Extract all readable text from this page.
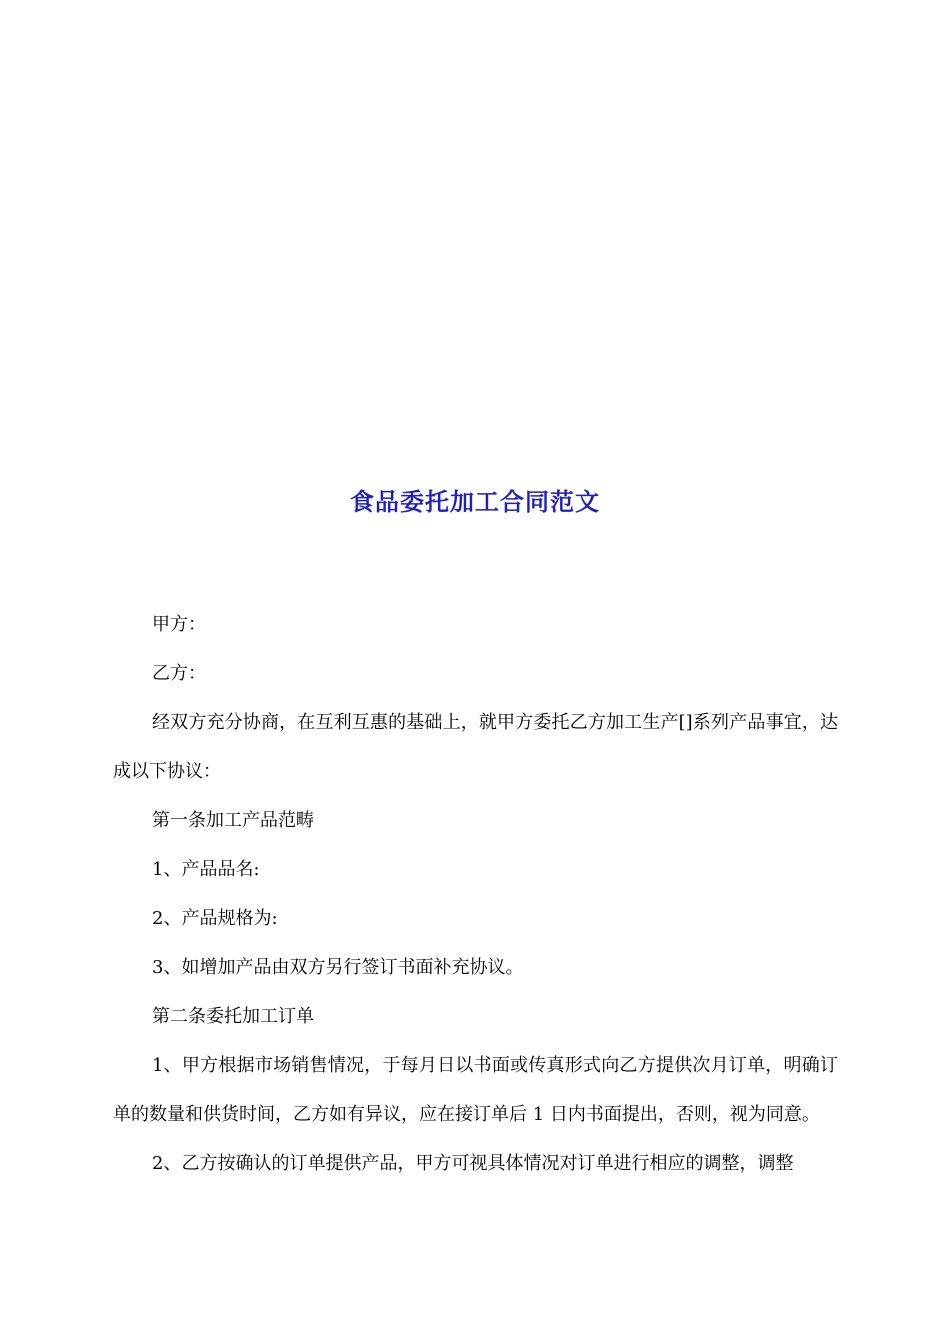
食品委托加工合同范文

甲方：

乙方：

经双方充分协商，在互利互惠的基础上，就甲方委托乙方加工生产[]系列产品事宜，达成以下协议：

第一条加工产品范畴

1、产品品名:

2、产品规格为:

3、如增加产品由双方另行签订书面补充协议。

第二条委托加工订单

1、甲方根据市场销售情况，于每月日以书面或传真形式向乙方提供次月订单，明确订单的数量和供货时间，乙方如有异议，应在接订单后 1 日内书面提出，否则，视为同意。

2、乙方按确认的订单提供产品，甲方可视具体情况对订单进行相应的调整，调整
